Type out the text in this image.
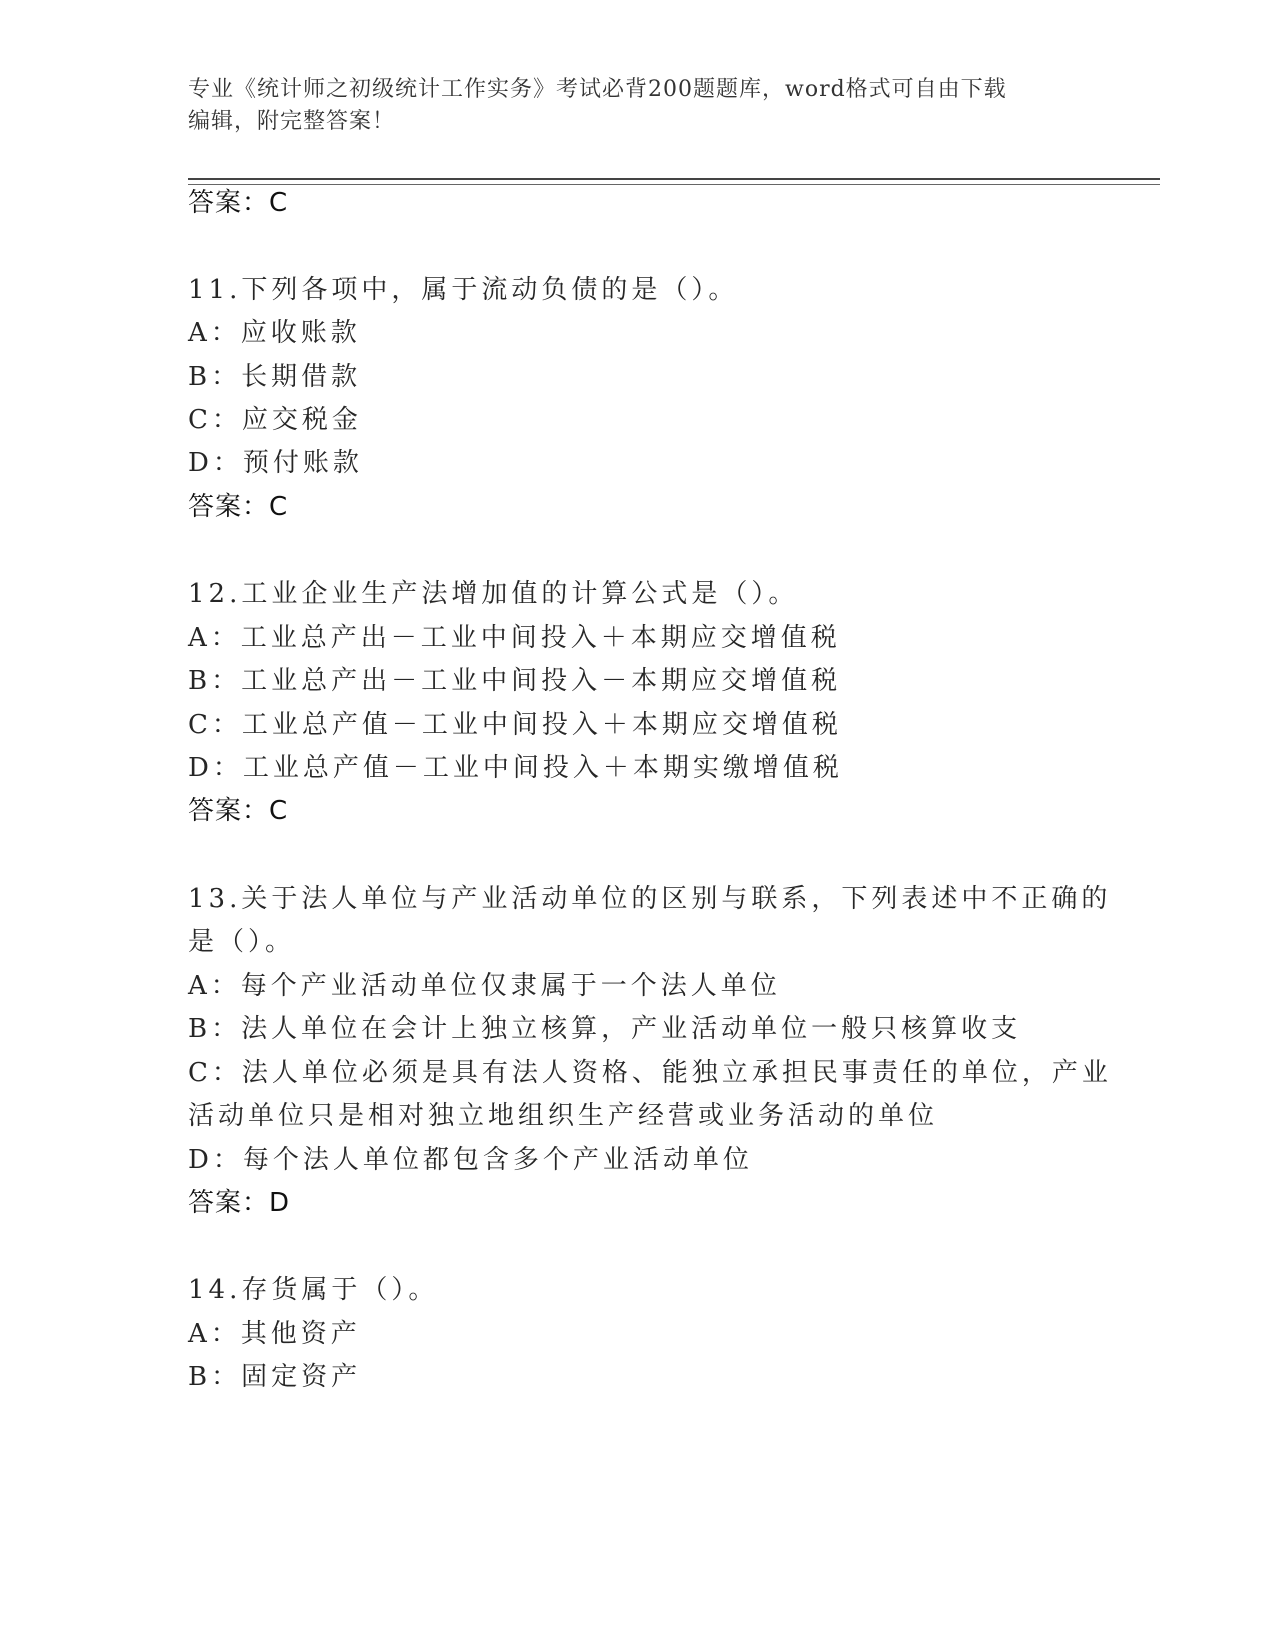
专业《统计师之初级统计工作实务》考试必背200题题库，word格式可自由下载
编辑，附完整答案！
答案：C
11.下列各项中，属于流动负债的是（）。
A：应收账款
B：长期借款
C：应交税金
D：预付账款
答案：C
12.工业企业生产法增加值的计算公式是（）。
A：工业总产出－工业中间投入＋本期应交增值税
B：工业总产出－工业中间投入－本期应交增值税
C：工业总产值－工业中间投入＋本期应交增值税
D：工业总产值－工业中间投入＋本期实缴增值税
答案：C
13.关于法人单位与产业活动单位的区别与联系，下列表述中不正确的
是（）。
A：每个产业活动单位仅隶属于一个法人单位
B：法人单位在会计上独立核算，产业活动单位一般只核算收支
C：法人单位必须是具有法人资格、能独立承担民事责任的单位，产业
活动单位只是相对独立地组织生产经营或业务活动的单位
D：每个法人单位都包含多个产业活动单位
答案：D
14.存货属于（）。
A：其他资产
B：固定资产
